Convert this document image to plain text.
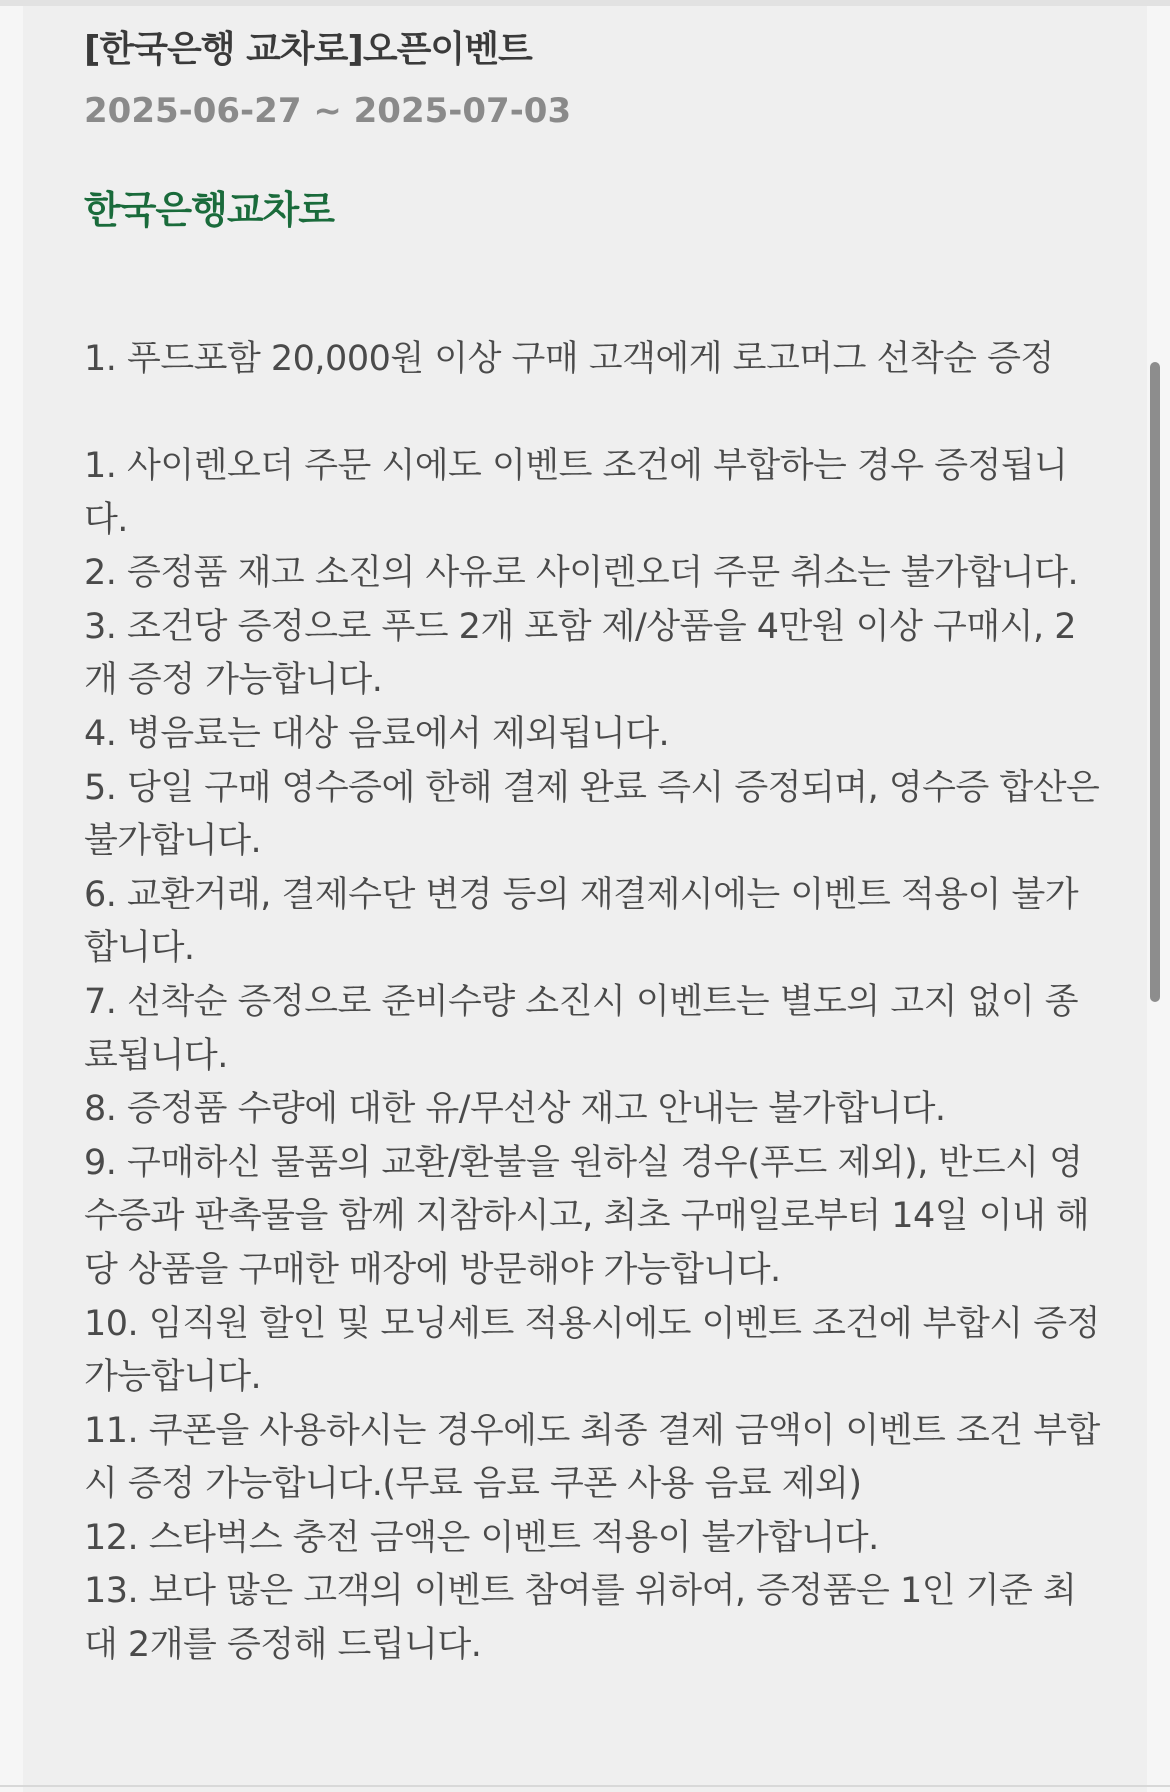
[한국은행 교차로]오픈이벤트
2025-06-27 ~ 2025-07-03
한국은행교차로
1. 푸드포함 20,000원 이상 구매 고객에게 로고머그 선착순 증정
1. 사이렌오더 주문 시에도 이벤트 조건에 부합하는 경우 증정됩니다.
2. 증정품 재고 소진의 사유로 사이렌오더 주문 취소는 불가합니다.
3. 조건당 증정으로 푸드 2개 포함 제/상품을 4만원 이상 구매시, 2개 증정 가능합니다.
4. 병음료는 대상 음료에서 제외됩니다.
5. 당일 구매 영수증에 한해 결제 완료 즉시 증정되며, 영수증 합산은 불가합니다.
6. 교환거래, 결제수단 변경 등의 재결제시에는 이벤트 적용이 불가합니다.
7. 선착순 증정으로 준비수량 소진시 이벤트는 별도의 고지 없이 종료됩니다.
8. 증정품 수량에 대한 유/무선상 재고 안내는 불가합니다.
9. 구매하신 물품의 교환/환불을 원하실 경우(푸드 제외), 반드시 영수증과 판촉물을 함께 지참하시고, 최초 구매일로부터 14일 이내 해당 상품을 구매한 매장에 방문해야 가능합니다.
10. 임직원 할인 및 모닝세트 적용시에도 이벤트 조건에 부합시 증정 가능합니다.
11. 쿠폰을 사용하시는 경우에도 최종 결제 금액이 이벤트 조건 부합시 증정 가능합니다.(무료 음료 쿠폰 사용 음료 제외)
12. 스타벅스 충전 금액은 이벤트 적용이 불가합니다.
13. 보다 많은 고객의 이벤트 참여를 위하여, 증정품은 1인 기준 최대 2개를 증정해 드립니다.
